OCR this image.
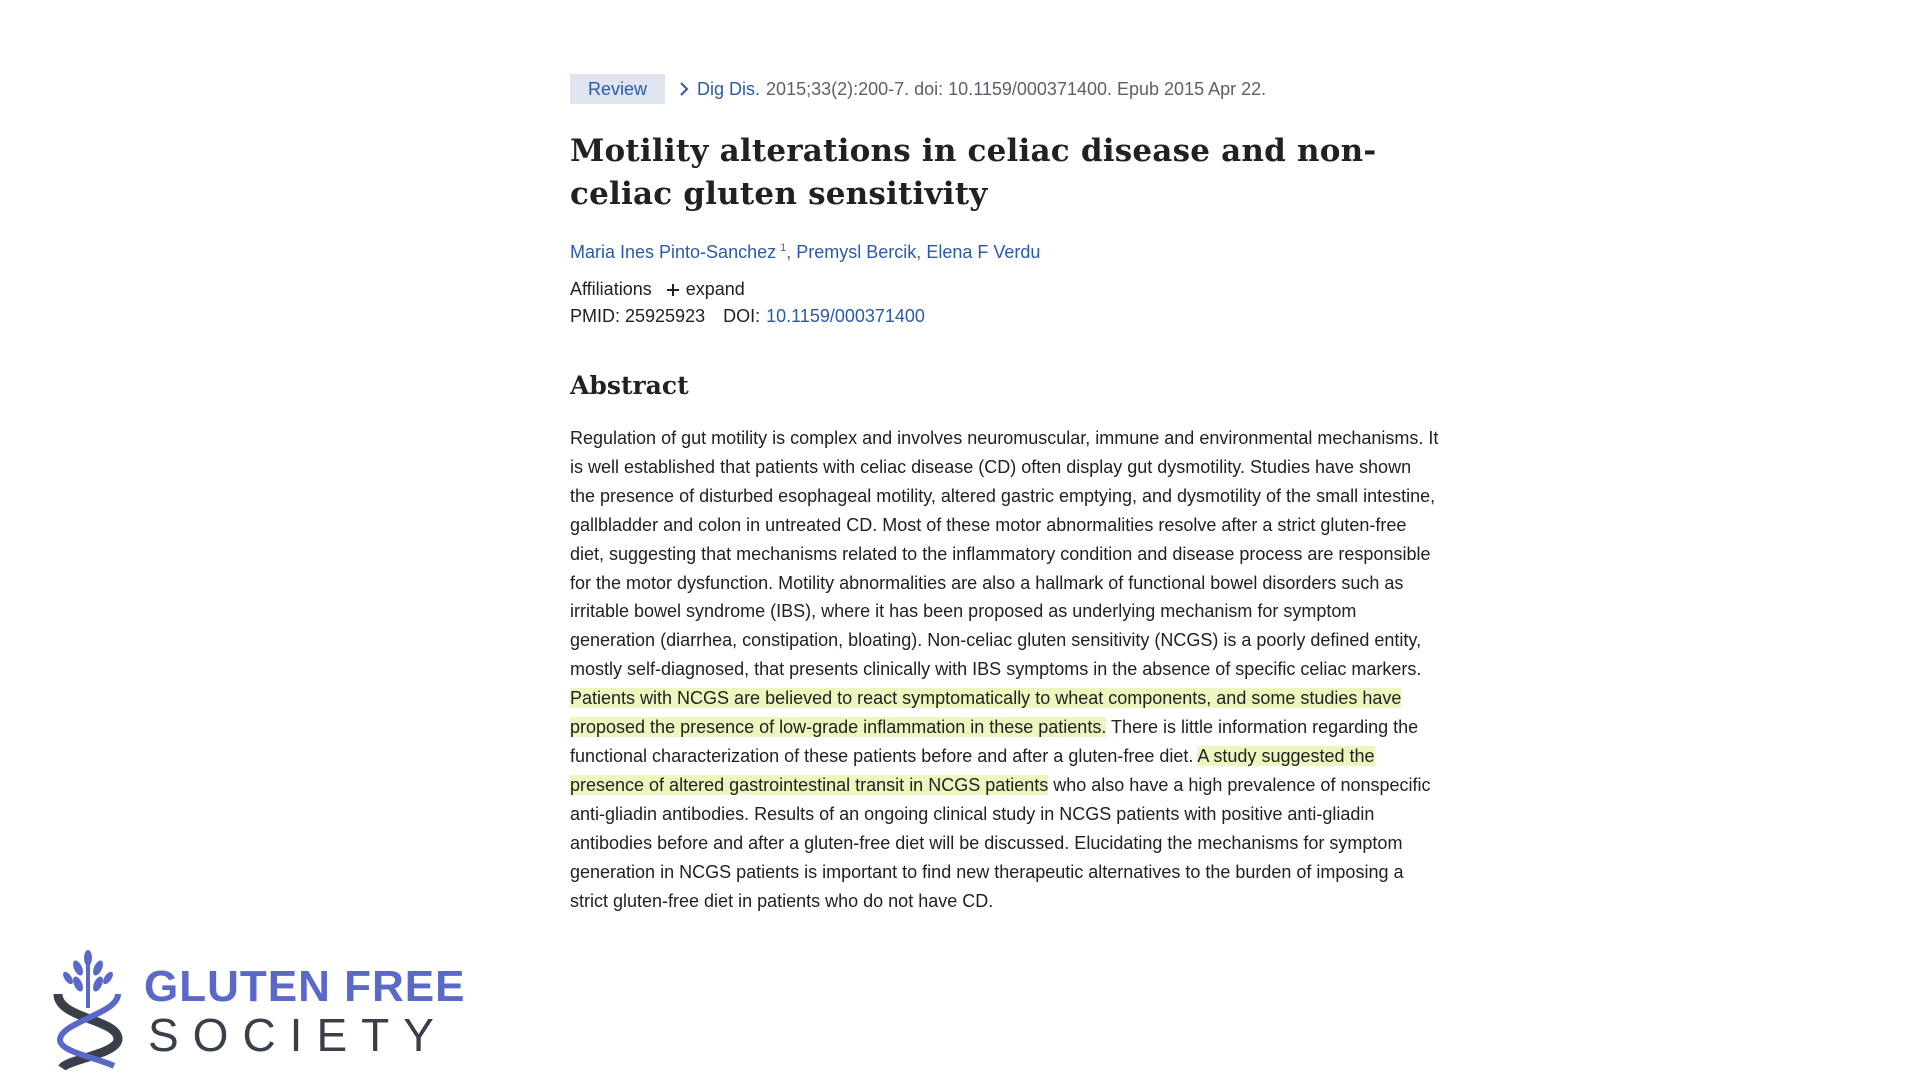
Review	Dig Dis. 2015;33(2):200-7. doi: 10.1159/000371400. Epub 2015 Apr 22.
Motility alterations in celiac disease and non-celiac gluten sensitivity
Maria Ines Pinto-Sanchez $^1$, Premysl Bercik, Elena F Verdu
Affiliations expand
PMID: 25925923 DOI: 10.1159/000371400
Abstract
Regulation of gut motility is complex and involves neuromuscular, immune and environmental mechanisms. It is well established that patients with celiac disease (CD) often display gut dysmotility. Studies have shown the presence of disturbed esophageal motility, altered gastric emptying, and dysmotility of the small intestine, gallbladder and colon in untreated CD. Most of these motor abnormalities resolve after a strict gluten-free diet, suggesting that mechanisms related to the inflammatory condition and disease process are responsible for the motor dysfunction. Motility abnormalities are also a hallmark of functional bowel disorders such as irritable bowel syndrome (IBS), where it has been proposed as underlying mechanism for symptom generation (diarrhea, constipation, bloating). Non-celiac gluten sensitivity (NCGS) is a poorly defined entity, mostly self-diagnosed, that presents clinically with IBS symptoms in the absence of specific celiac markers. Patients with NCGS are believed to react symptomatically to wheat components, and some studies have proposed the presence of low-grade inflammation in these patients. There is little information regarding the functional characterization of these patients before and after a gluten-free diet. A study suggested the presence of altered gastrointestinal transit in NCGS patients who also have a high prevalence of nonspecific anti-gliadin antibodies. Results of an ongoing clinical study in NCGS patients with positive anti-gliadin antibodies before and after a gluten-free diet will be discussed. Elucidating the mechanisms for symptom generation in NCGS patients is important to find new therapeutic alternatives to the burden of imposing a strict gluten-free diet in patients who do not have CD.
GLUTEN FREE
SOCIETY
